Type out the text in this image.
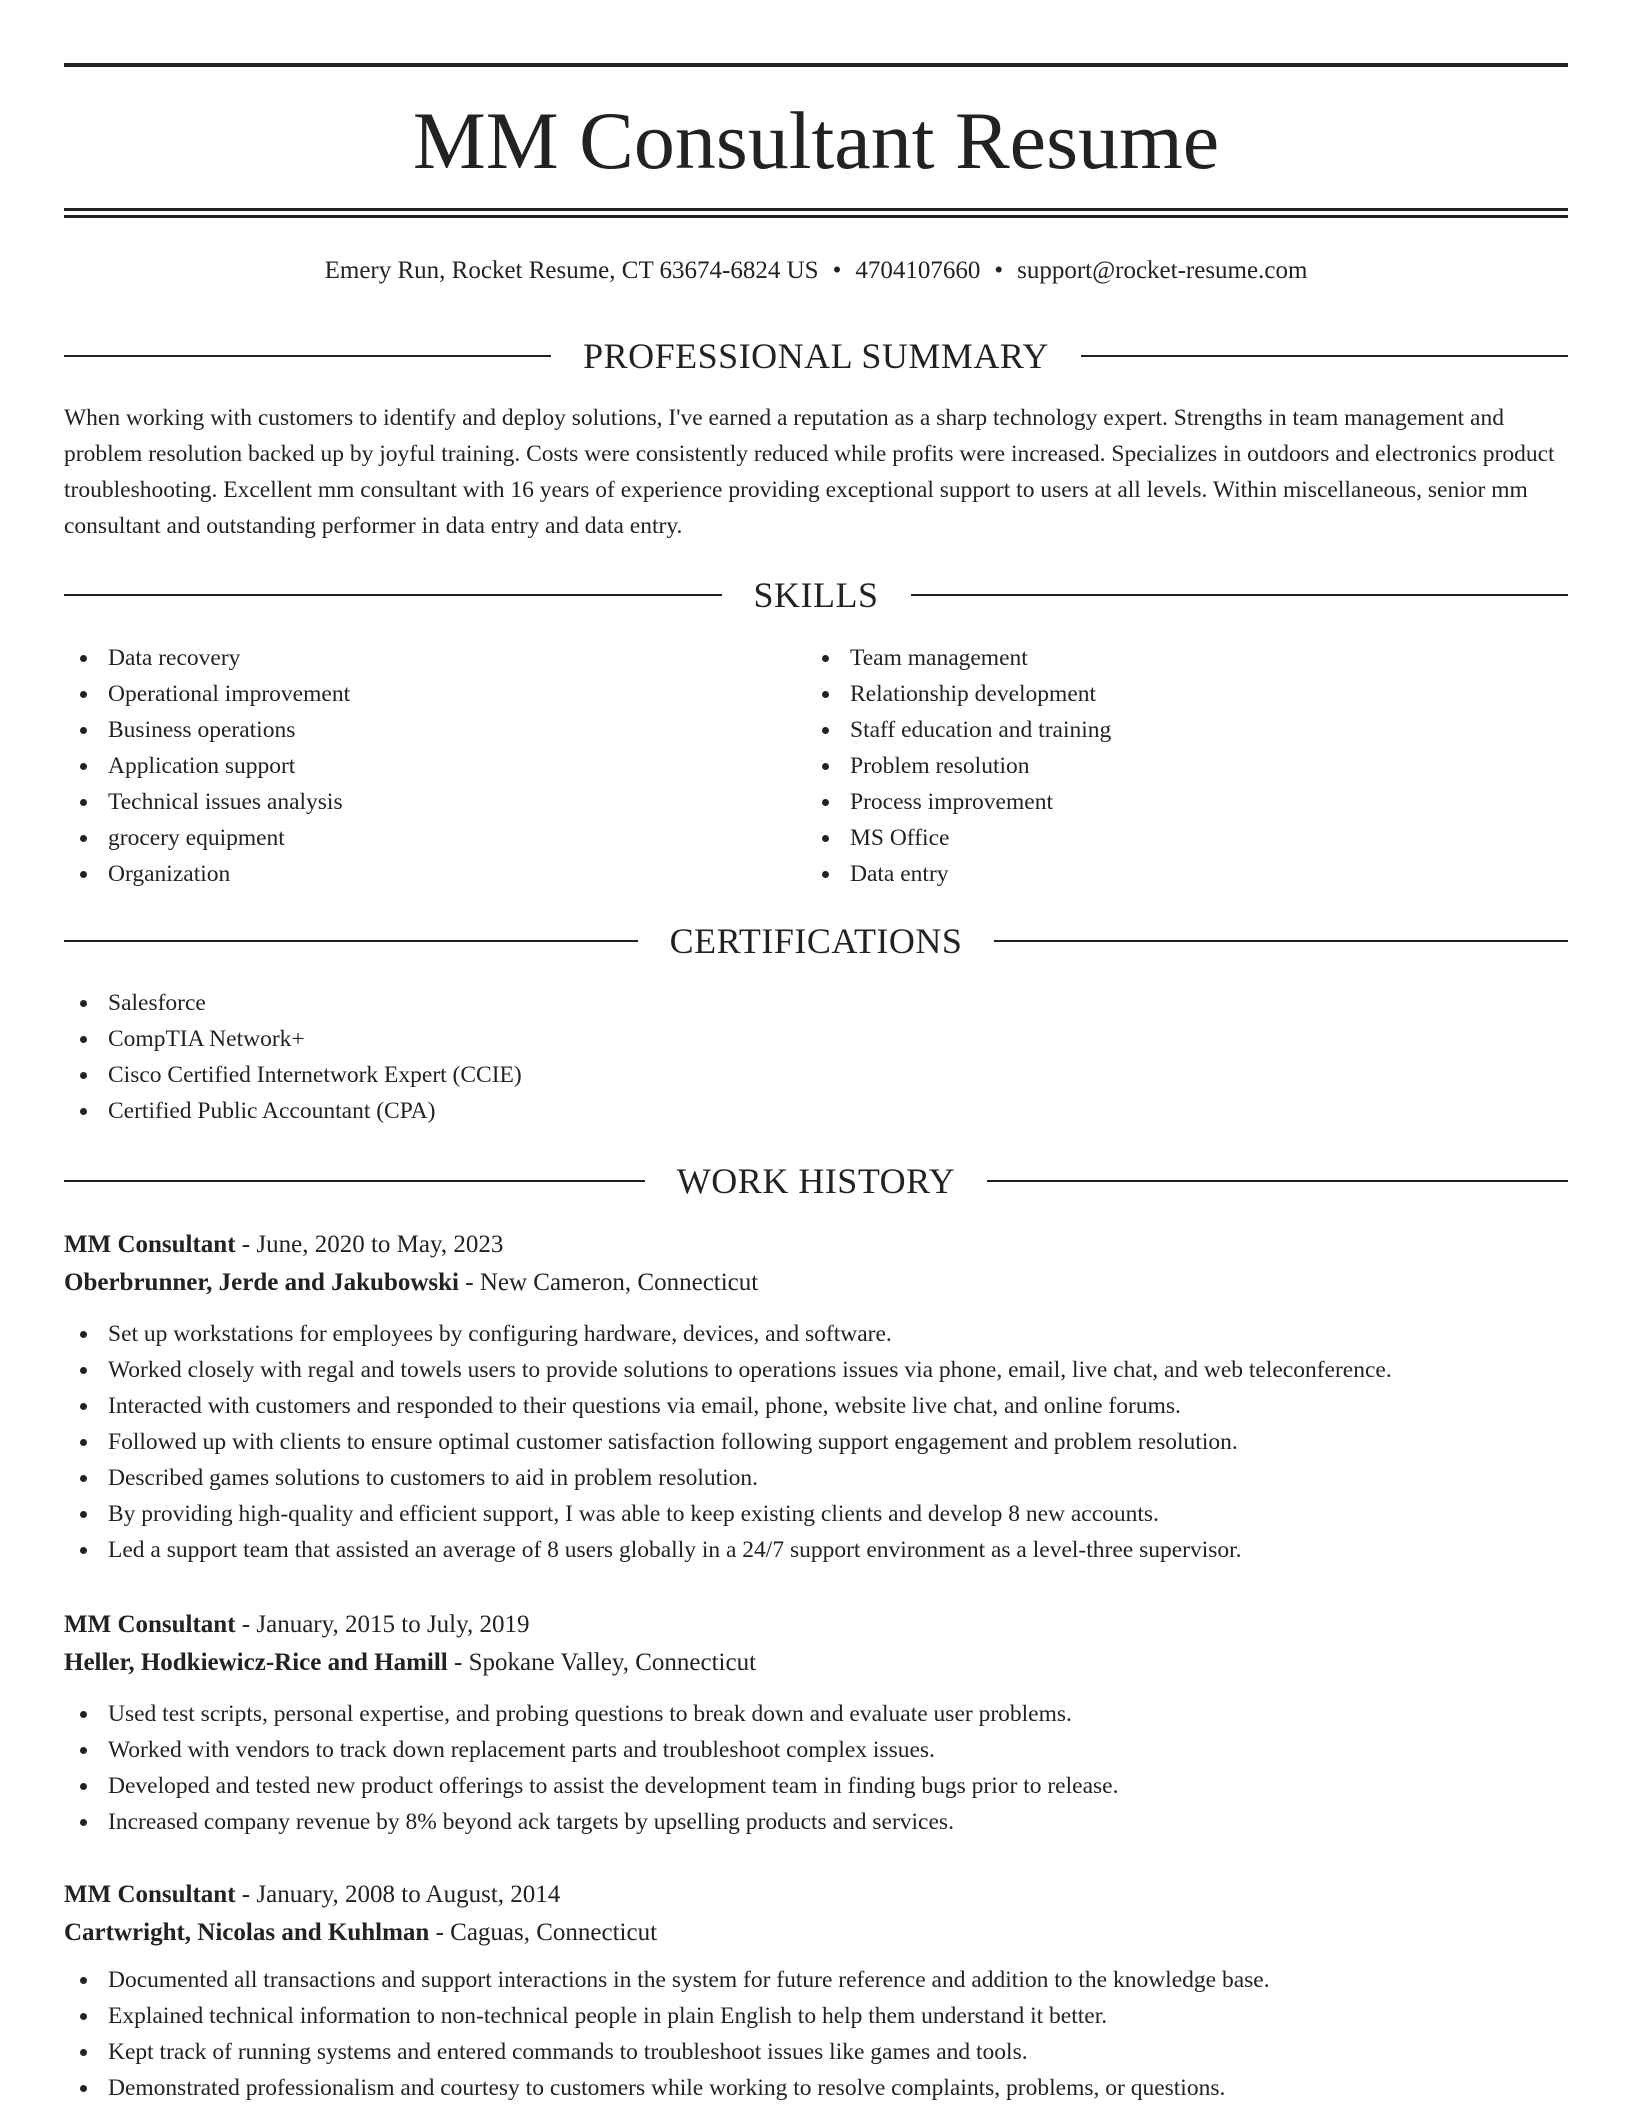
MM Consultant Resume
Emery Run, Rocket Resume, CT 63674-6824 US • 4704107660 • support@rocket-resume.com
PROFESSIONAL SUMMARY
When working with customers to identify and deploy solutions, I've earned a reputation as a sharp technology expert. Strengths in team management and problem resolution backed up by joyful training. Costs were consistently reduced while profits were increased. Specializes in outdoors and electronics product troubleshooting. Excellent mm consultant with 16 years of experience providing exceptional support to users at all levels. Within miscellaneous, senior mm consultant and outstanding performer in data entry and data entry.
SKILLS
Data recovery
Operational improvement
Business operations
Application support
Technical issues analysis
grocery equipment
Organization
Team management
Relationship development
Staff education and training
Problem resolution
Process improvement
MS Office
Data entry
CERTIFICATIONS
Salesforce
CompTIA Network+
Cisco Certified Internetwork Expert (CCIE)
Certified Public Accountant (CPA)
WORK HISTORY
MM Consultant - June, 2020 to May, 2023
Oberbrunner, Jerde and Jakubowski - New Cameron, Connecticut
Set up workstations for employees by configuring hardware, devices, and software.
Worked closely with regal and towels users to provide solutions to operations issues via phone, email, live chat, and web teleconference.
Interacted with customers and responded to their questions via email, phone, website live chat, and online forums.
Followed up with clients to ensure optimal customer satisfaction following support engagement and problem resolution.
Described games solutions to customers to aid in problem resolution.
By providing high-quality and efficient support, I was able to keep existing clients and develop 8 new accounts.
Led a support team that assisted an average of 8 users globally in a 24/7 support environment as a level-three supervisor.
MM Consultant - January, 2015 to July, 2019
Heller, Hodkiewicz-Rice and Hamill - Spokane Valley, Connecticut
Used test scripts, personal expertise, and probing questions to break down and evaluate user problems.
Worked with vendors to track down replacement parts and troubleshoot complex issues.
Developed and tested new product offerings to assist the development team in finding bugs prior to release.
Increased company revenue by 8% beyond ack targets by upselling products and services.
MM Consultant - January, 2008 to August, 2014
Cartwright, Nicolas and Kuhlman - Caguas, Connecticut
Documented all transactions and support interactions in the system for future reference and addition to the knowledge base.
Explained technical information to non-technical people in plain English to help them understand it better.
Kept track of running systems and entered commands to troubleshoot issues like games and tools.
Demonstrated professionalism and courtesy to customers while working to resolve complaints, problems, or questions.
